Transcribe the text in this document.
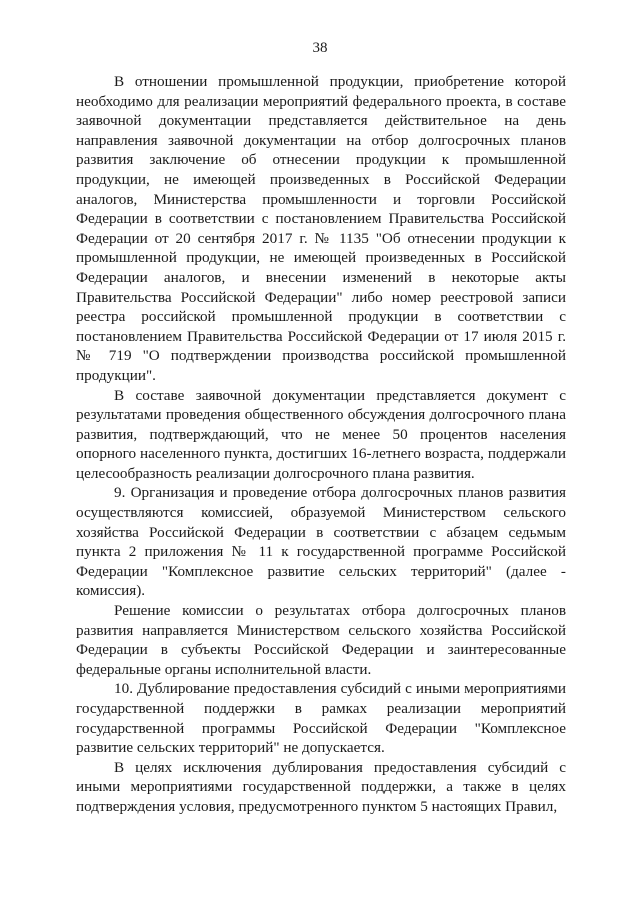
38

В отношении промышленной продукции, приобретение которой необходимо для реализации мероприятий федерального проекта, в составе заявочной документации представляется действительное на день направления заявочной документации на отбор долгосрочных планов развития заключение об отнесении продукции к промышленной продукции, не имеющей произведенных в Российской Федерации аналогов, Министерства промышленности и торговли Российской Федерации в соответствии с постановлением Правительства Российской Федерации от 20 сентября 2017 г. № 1135 "Об отнесении продукции к промышленной продукции, не имеющей произведенных в Российской Федерации аналогов, и внесении изменений в некоторые акты Правительства Российской Федерации" либо номер реестровой записи реестра российской промышленной продукции в соответствии с постановлением Правительства Российской Федерации от 17 июля 2015 г. № 719 "О подтверждении производства российской промышленной продукции".

В составе заявочной документации представляется документ с результатами проведения общественного обсуждения долгосрочного плана развития, подтверждающий, что не менее 50 процентов населения опорного населенного пункта, достигших 16-летнего возраста, поддержали целесообразность реализации долгосрочного плана развития.

9. Организация и проведение отбора долгосрочных планов развития осуществляются комиссией, образуемой Министерством сельского хозяйства Российской Федерации в соответствии с абзацем седьмым пункта 2 приложения № 11 к государственной программе Российской Федерации "Комплексное развитие сельских территорий" (далее - комиссия).

Решение комиссии о результатах отбора долгосрочных планов развития направляется Министерством сельского хозяйства Российской Федерации в субъекты Российской Федерации и заинтересованные федеральные органы исполнительной власти.

10. Дублирование предоставления субсидий с иными мероприятиями государственной поддержки в рамках реализации мероприятий государственной программы Российской Федерации "Комплексное развитие сельских территорий" не допускается.

В целях исключения дублирования предоставления субсидий с иными мероприятиями государственной поддержки, а также в целях подтверждения условия, предусмотренного пунктом 5 настоящих Правил,
